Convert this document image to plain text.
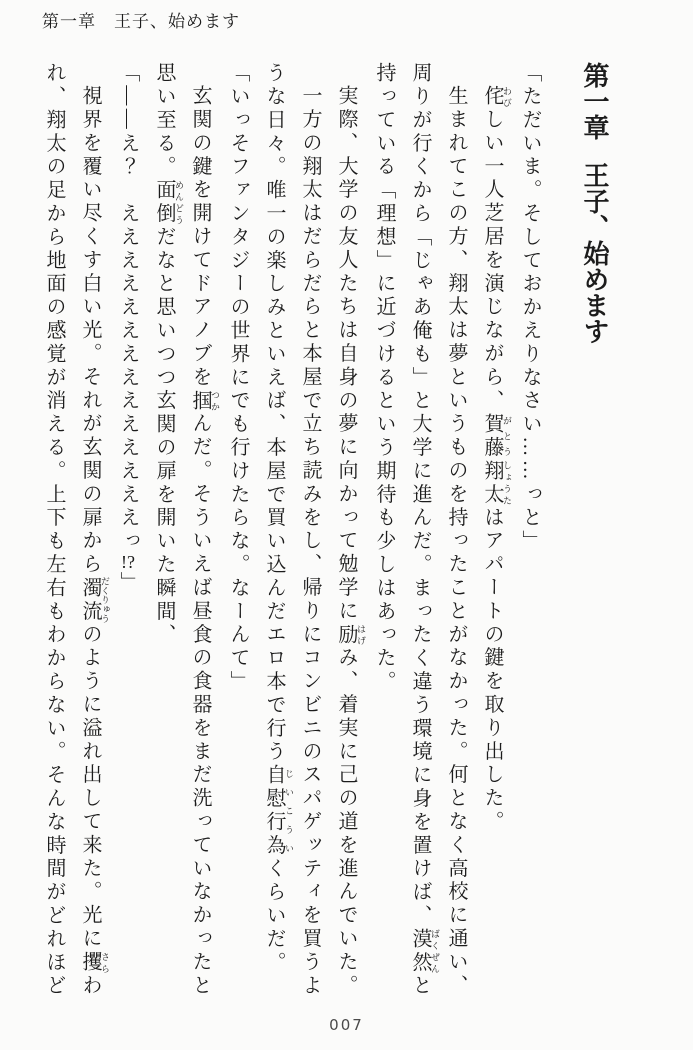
第一章　王子、始めます
第一章王子、始めます

「ただいま。そしておかえりなさい……っと」

侘 わびしい一人芝居を演じながら、賀藤 がとう翔太 しょうたはアパートの鍵を取り出した。

生まれてこの方、翔太は夢というものを持ったことがなかった。何となく高校に通い、周りが行くから「じゃあ俺も」と大学に進んだ。まったく違う環境に身を置けば、漠然 ばくぜんと持っている「理想」に近づけるという期待も少しはあった。

実際、大学の友人たちは自身の夢に向かって勉学に励 はげみ、着実に己の道を進んでいた。

一方の翔太はだらだらと本屋で立ち読みをし、帰りにコンビニのスパゲッティを買うような日々。唯一の楽しみといえば、本屋で買い込んだエロ本で行う自慰行為 じいこういくらいだ。

「いっそファンタジーの世界にでも行けたらな。なーんて」

玄関の鍵を開けてドアノブを掴 つかんだ。そういえば昼食の食器をまだ洗っていなかったと思い至る。面倒 めんどうだなと思いつつ玄関の扉を開いた瞬間、

「――え？　ええええええええええええええっ!?」

視界を覆い尽くす白い光。それが玄関の扉から濁流 だくりゅうのように溢れ出して来た。光に攫 さらわれ、翔太の足から地面の感覚が消える。上下も左右もわからない。そんな時間がどれほど

007
